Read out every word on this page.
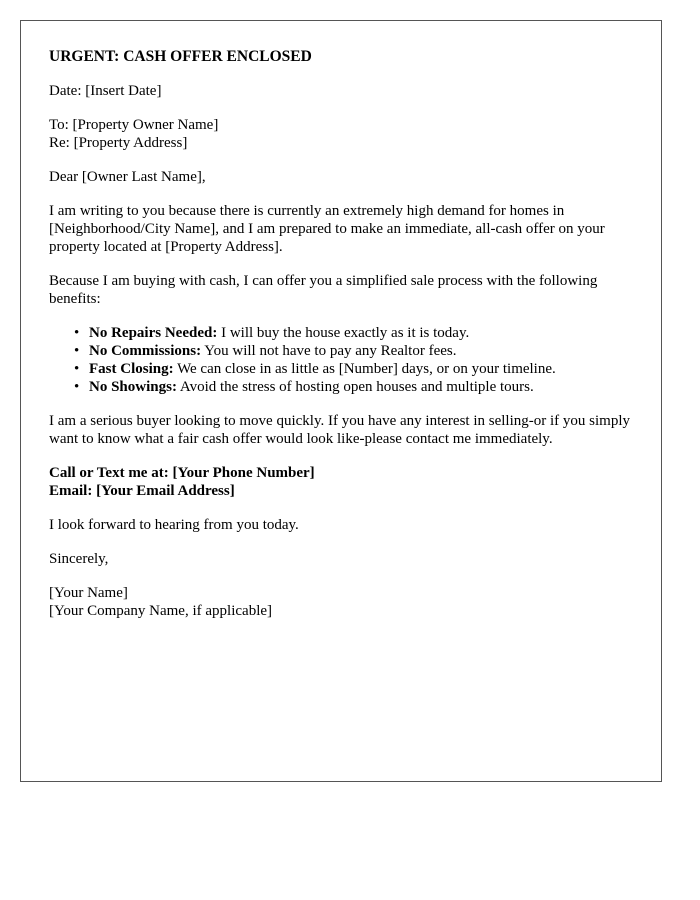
URGENT: CASH OFFER ENCLOSED

Date: [Insert Date]

To: [Property Owner Name]
Re: [Property Address]

Dear [Owner Last Name],

I am writing to you because there is currently an extremely high demand for homes in [Neighborhood/City Name], and I am prepared to make an immediate, all-cash offer on your property located at [Property Address].

Because I am buying with cash, I can offer you a simplified sale process with the following benefits:

• No Repairs Needed: I will buy the house exactly as it is today.
• No Commissions: You will not have to pay any Realtor fees.
• Fast Closing: We can close in as little as [Number] days, or on your timeline.
• No Showings: Avoid the stress of hosting open houses and multiple tours.

I am a serious buyer looking to move quickly. If you have any interest in selling-or if you simply want to know what a fair cash offer would look like-please contact me immediately.

Call or Text me at: [Your Phone Number]

Email: [Your Email Address]

I look forward to hearing from you today.

Sincerely,

[Your Name]
[Your Company Name, if applicable]
